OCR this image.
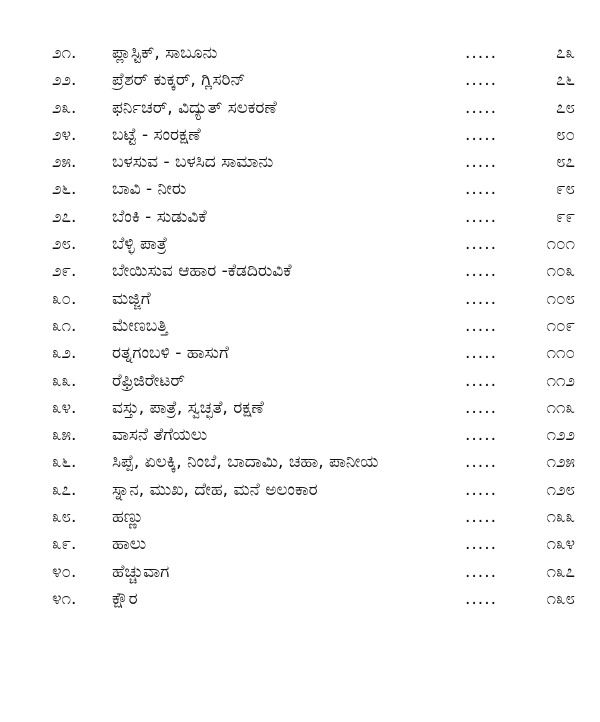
೨೧. ಪ್ಲಾಸ್ಟಿಕ್, ಸಾಬೂನು	.....	೭೩
೨೨. ಪ್ರೆಶರ್ ಕುಕ್ಕರ್, ಗ್ಲಿಸರಿನ್	.....	೭೬
೨೩. ಫರ್ನಿಚರ್, ವಿದ್ಯುತ್ ಸಲಕರಣೆ	.....	೭೮
೨೪. ಬಟ್ಟೆ - ಸಂರಕ್ಷಣೆ	.....	೮೦
೨೫. ಬಳಸುವ - ಬಳಸಿದ ಸಾಮಾನು	.....	೮೭
೨೬. ಬಾವಿ - ನೀರು	.....	೯೮
೨೭. ಬೆಂಕಿ - ಸುಡುವಿಕೆ	.....	೯೯
೨೮. ಬೆಳ್ಳಿ ಪಾತ್ರೆ	.....	೧೦೧
೨೯. ಬೇಯಿಸುವ ಆಹಾರ -ಕೆಡದಿರುವಿಕೆ	.....	೧೦೩
೩೦. ಮಜ್ಜಿಗೆ	.....	೧೦೮
೩೧. ಮೇಣಬತ್ತಿ	.....	೧೦೯
೩೨. ರತ್ನಗಂಬಳಿ - ಹಾಸುಗೆ	.....	೧೧೦
೩೩. ರೆಫ್ರಿಜಿರೇಟರ್	.....	೧೧೨
೩೪. ವಸ್ತು, ಪಾತ್ರೆ, ಸ್ವಚ್ಛತೆ, ರಕ್ಷಣೆ	.....	೧೧೩
೩೫. ವಾಸನೆ ತೆಗೆಯಲು	.....	೧೨೨
೩೬. ಸಿಪ್ಪೆ, ಏಲಕ್ಕಿ, ನಿಂಬೆ, ಬಾದಾಮಿ, ಚಹಾ, ಪಾನೀಯ	.....	೧೨೫
೩೭. ಸ್ನಾನ, ಮುಖ, ದೇಹ, ಮನೆ ಅಲಂಕಾರ	.....	೧೨೮
೩೮. ಹಣ್ಣು	.....	೧೩೩
೩೯. ಹಾಲು	.....	೧೩೪
೪೦. ಹೆಚ್ಚುವಾಗ	.....	೧೩೭
೪೧. ಕ್ಷೌರ	.....	೧೩೮
